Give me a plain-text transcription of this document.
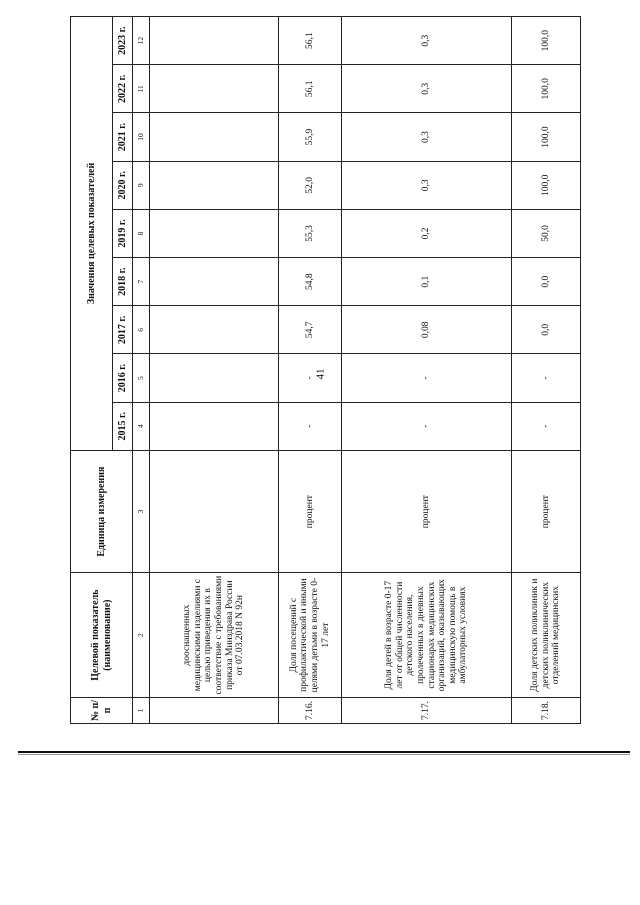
41
№ п/п	Целевой показатель (наименование)	Единица измерения	Значения целевых показателей								
			2015 г.	2016 г.	2017 г.	2018 г.	2019 г.	2020 г.	2021 г.	2022 г.	2023 г.
1	2	3	4	5	6	7	8	9	10	11	12
	дооснащенных медицинскими изделиями с целью приведения их в соответствие с требованиями приказа Минздрава России от 07.03.2018 N 92н										
7.16.	Доля посещений с профилактической и иными целями детьми в возрасте 0-17 лет	процент	-	-	54,7	54,8	55,3	52,0	55,9	56,1	56,1
7.17.	Доля детей в возрасте 0-17 лет от общей численности детского населения, пролеченных в дневных стационарах медицинских организаций, оказывающих медицинскую помощь в амбулаторных условиях	процент	-	-	0,08	0,1	0,2	0,3	0,3	0,3	0,3
7.18.	Доля детских поликлиник и детских поликлинических отделений медицинских	процент	-	-	0,0	0,0	50,0	100,0	100,0	100,0	100,0
